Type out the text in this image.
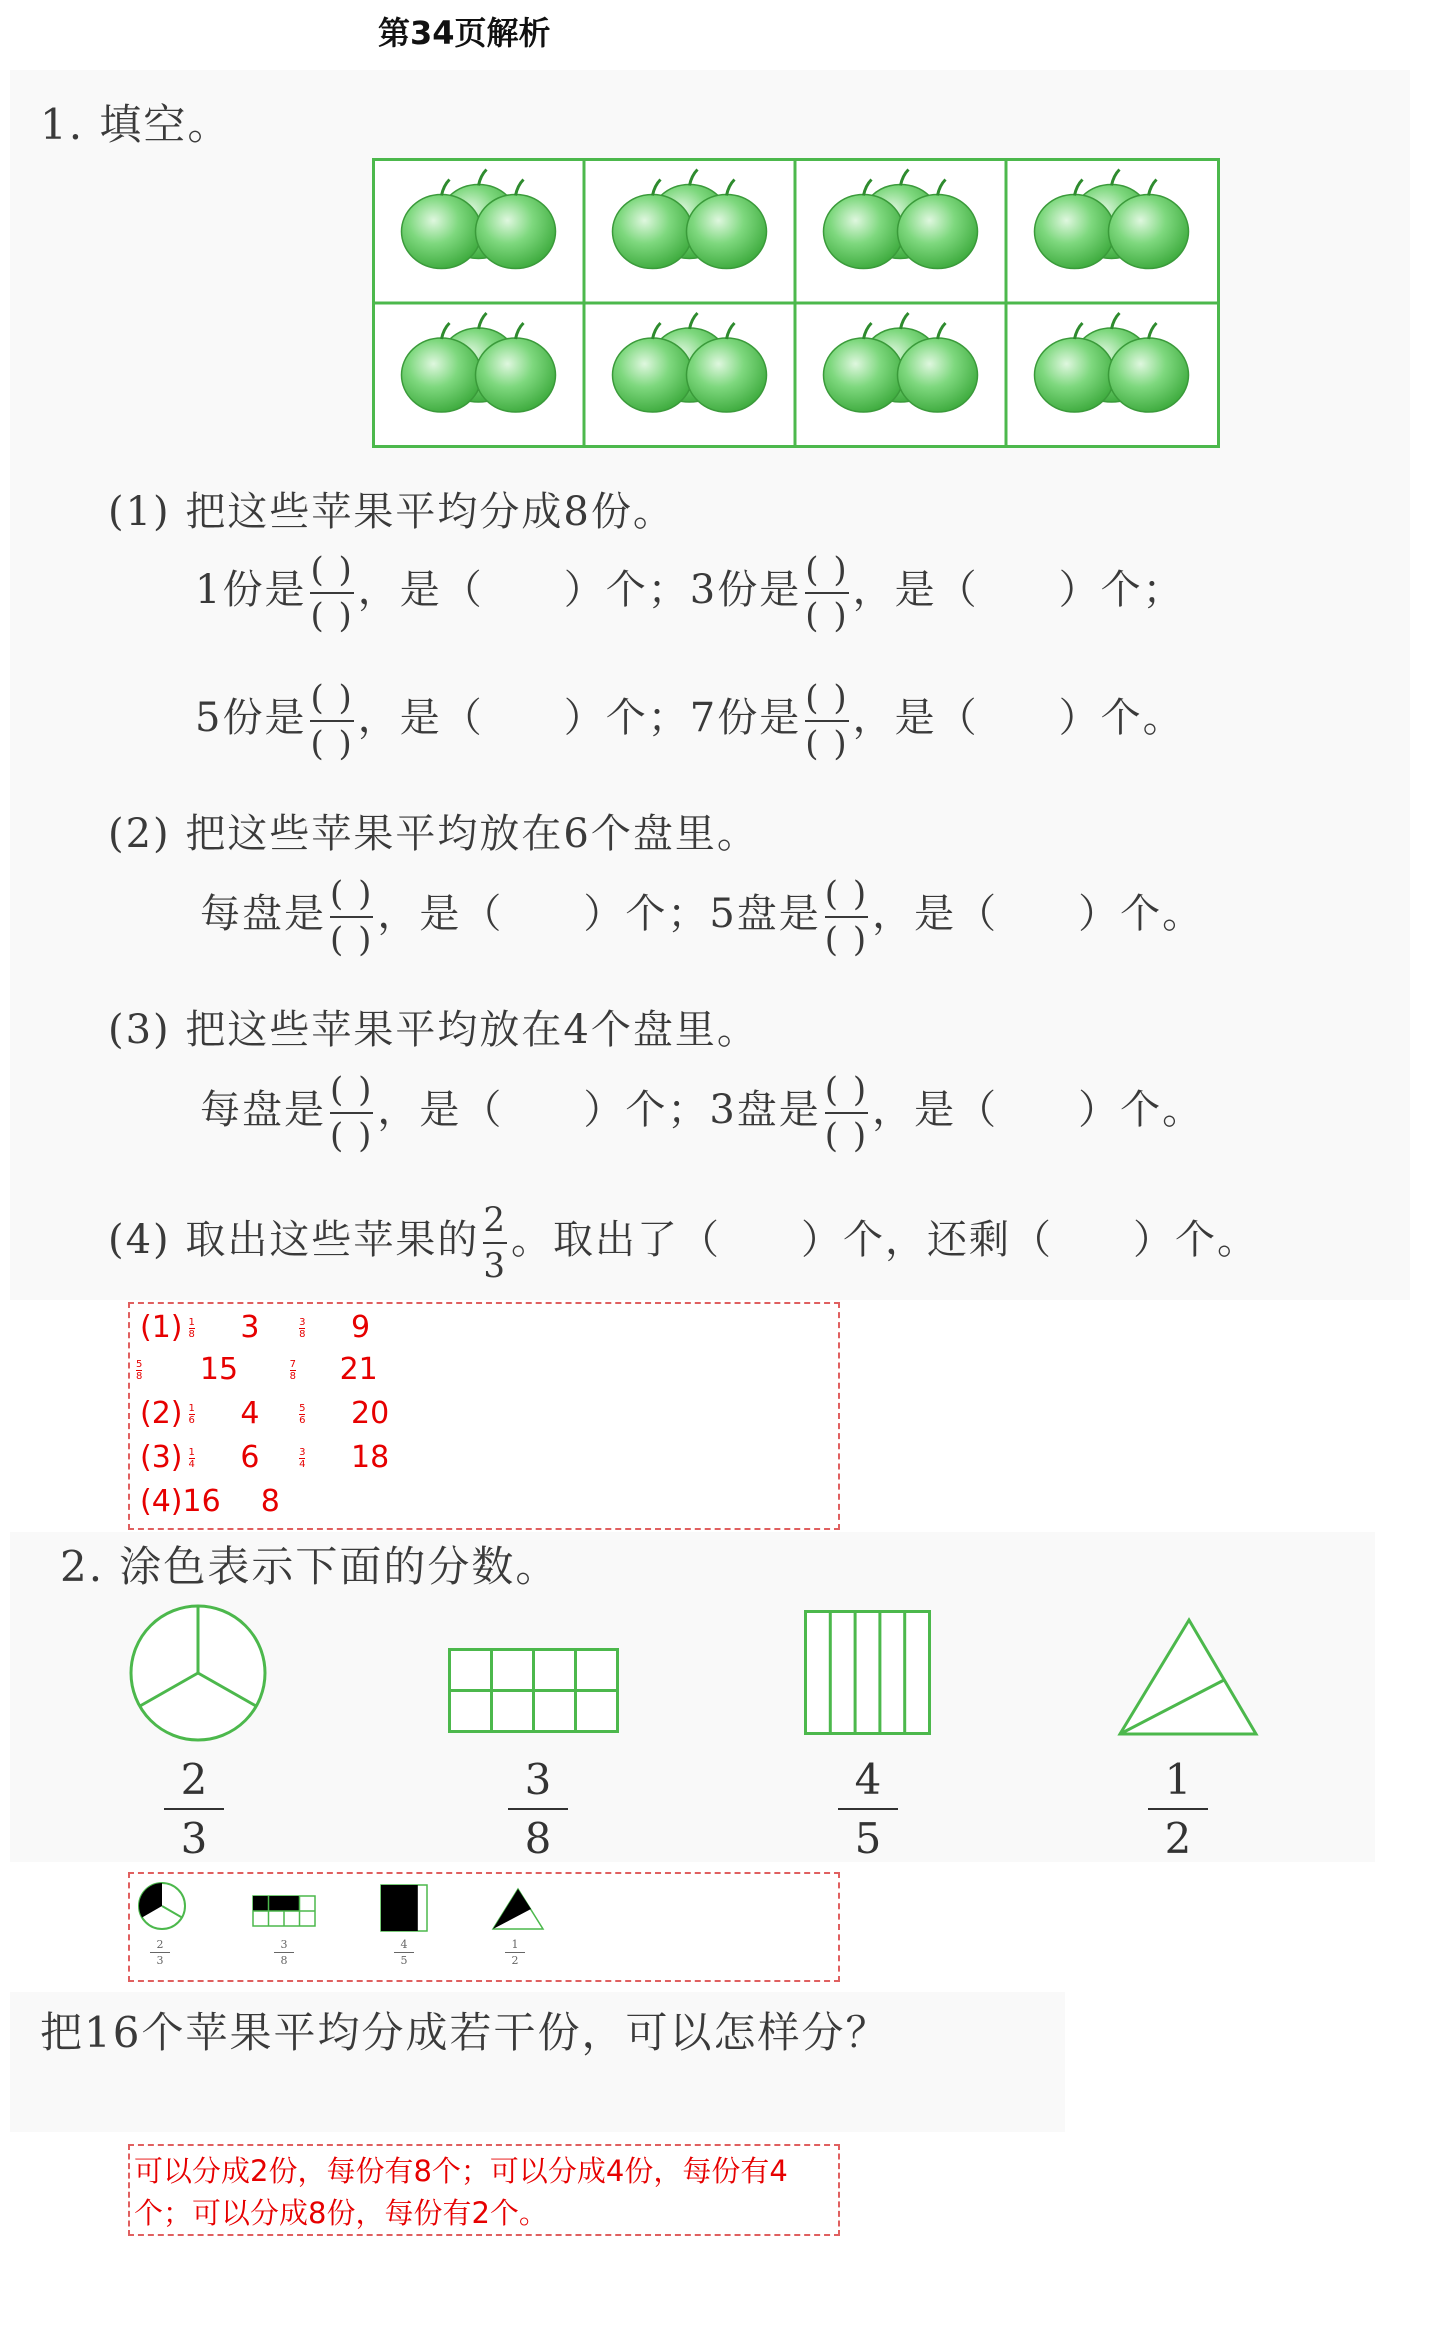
第34页解析
1. 填空。
(1) 把这些苹果平均分成8份。
1份是 $\frac{( )}{( )}$ ，是（ ）个；3份是 $\frac{( )}{( )}$ ，是（ ）个；
5份是 $\frac{( )}{( )}$ ，是（ ）个；7份是 $\frac{( )}{( )}$ ，是（ ）个。
(2) 把这些苹果平均放在6个盘里。
每盘是 $\frac{( )}{( )}$ ，是（ ）个；5盘是 $\frac{( )}{( )}$ ，是（ ）个。
(3) 把这些苹果平均放在4个盘里。
每盘是 $\frac{( )}{( )}$ ，是（ ）个；3盘是 $\frac{( )}{( )}$ ，是（ ）个。
(4) 取出这些苹果的 $\frac{2}{3}$ 。取出了（ ）个，还剩（ ）个。
$(1) \frac{1}{8} 3$	$\frac{3}{8} 9$
$\frac{5}{8} 15$	$\frac{7}{8} 21$
$(2) \frac{1}{6} 4$	$\frac{5}{6} 20$
$(3) \frac{1}{4} 6$	$\frac{3}{4} 18$
(4)16 8
2. 涂色表示下面的分数。
2
3
3
8
4
5
1
2
2
3
3
8
4
5
1
2
把16个苹果平均分成若干份，可以怎样分？
可以分成2份，每份有8个；可以分成4份，每份有4个；可以分成8份，每份有2个。
